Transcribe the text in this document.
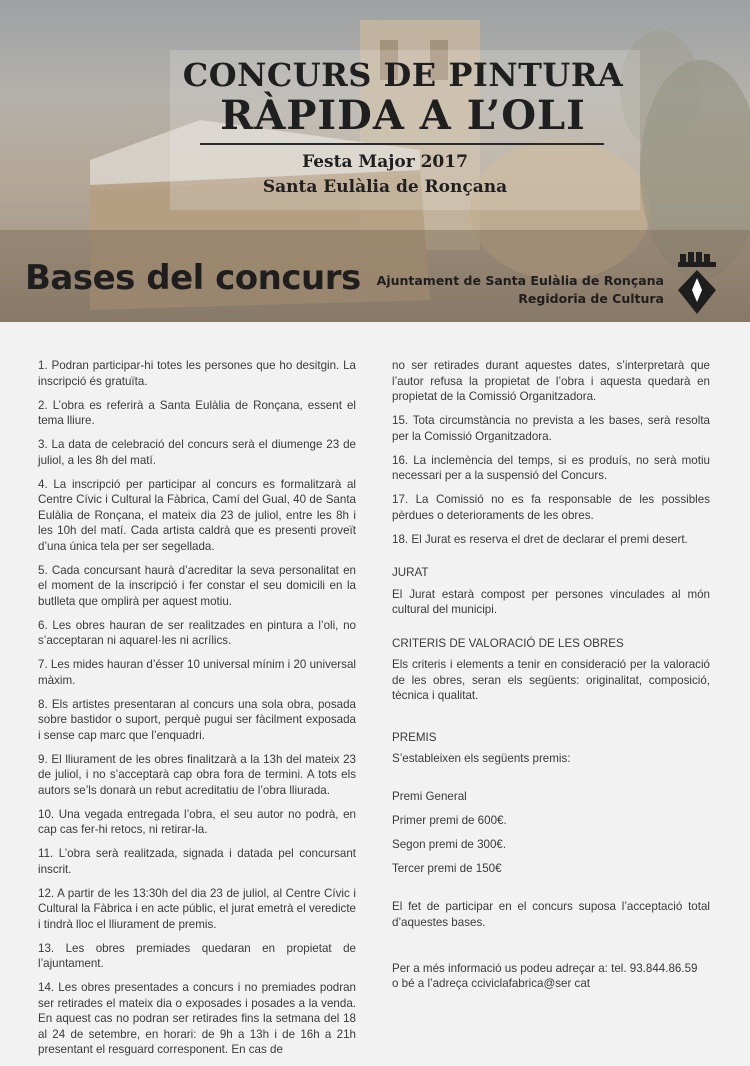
CONCURS DE PINTURA
RÀPIDA A L’OLI
Festa Major 2017
Santa Eulàlia de Ronçana
Bases del concurs Ajuntament de Santa Eulàlia de Ronçana
Regidoria de Cultura

1. Podran participar-hi totes les persones que ho desitgin. La inscripció és gratuïta.

2. L’obra es referirà a Santa Eulàlia de Ronçana, essent el tema lliure.

3. La data de celebració del concurs serà el diumenge 23 de juliol, a les 8h del matí.

4. La inscripció per participar al concurs es formalitzarà al Centre Cívic i Cultural la Fàbrica, Camí del Gual, 40 de Santa Eulàlia de Ronçana, el mateix dia 23 de juliol, entre les 8h i les 10h del matí. Cada artista caldrà que es presenti proveït d’una única tela per ser segellada.

5. Cada concursant haurà d’acreditar la seva personalitat en el moment de la inscripció i fer constar el seu domicili en la butlleta que omplirà per aquest motiu.

6. Les obres hauran de ser realitzades en pintura a l’oli, no s’acceptaran ni aquarel·les ni acrílics.

7. Les mides hauran d’ésser 10 universal mínim i 20 universal màxim.

8. Els artistes presentaran al concurs una sola obra, posada sobre bastidor o suport, perquè pugui ser fàcilment exposada i sense cap marc que l’enquadri.

9. El lliurament de les obres finalitzarà a la 13h del mateix 23 de juliol, i no s’acceptarà cap obra fora de termini. A tots els autors se’ls donarà un rebut acreditatiu de l’obra lliurada.

10. Una vegada entregada l’obra, el seu autor no podrà, en cap cas fer-hi retocs, ni retirar-la.

11. L’obra serà realitzada, signada i datada pel concursant inscrit.

12. A partir de les 13:30h del dia 23 de juliol, al Centre Cívic i Cultural la Fàbrica i en acte públic, el jurat emetrà el veredicte i tindrà lloc el lliurament de premis.

13. Les obres premiades quedaran en propietat de l’ajuntament.

14. Les obres presentades a concurs i no premiades podran ser retirades el mateix dia o exposades i posades a la venda. En aquest cas no podran ser retirades fins la setmana del 18 al 24 de setembre, en horari: de 9h a 13h i de 16h a 21h presentant el resguard corresponent. En cas de

no ser retirades durant aquestes dates, s’interpretarà que l’autor refusa la propietat de l’obra i aquesta quedarà en propietat de la Comissió Organitzadora.

15. Tota circumstància no prevista a les bases, serà resolta per la Comissió Organitzadora.

16. La inclemència del temps, si es produís, no serà motiu necessari per a la suspensió del Concurs.

17. La Comissió no es fa responsable de les possibles pèrdues o deterioraments de les obres.

18. El Jurat es reserva el dret de declarar el premi desert.

JURAT

El Jurat estarà compost per persones vinculades al món cultural del municipi.

CRITERIS DE VALORACIÓ DE LES OBRES

Els criteris i elements a tenir en consideració per la valoració de les obres, seran els següents: originalitat, composició, tècnica i qualitat.

PREMIS

S’estableixen els següents premis:

Premi General

Primer premi de 600€.

Segon premi de 300€.

Tercer premi de 150€

El fet de participar en el concurs suposa l’acceptació total d’aquestes bases.

Per a més informació us podeu adreçar a: tel. 93.844.86.59

o bé a l’adreça cciviclafabrica@ser cat
